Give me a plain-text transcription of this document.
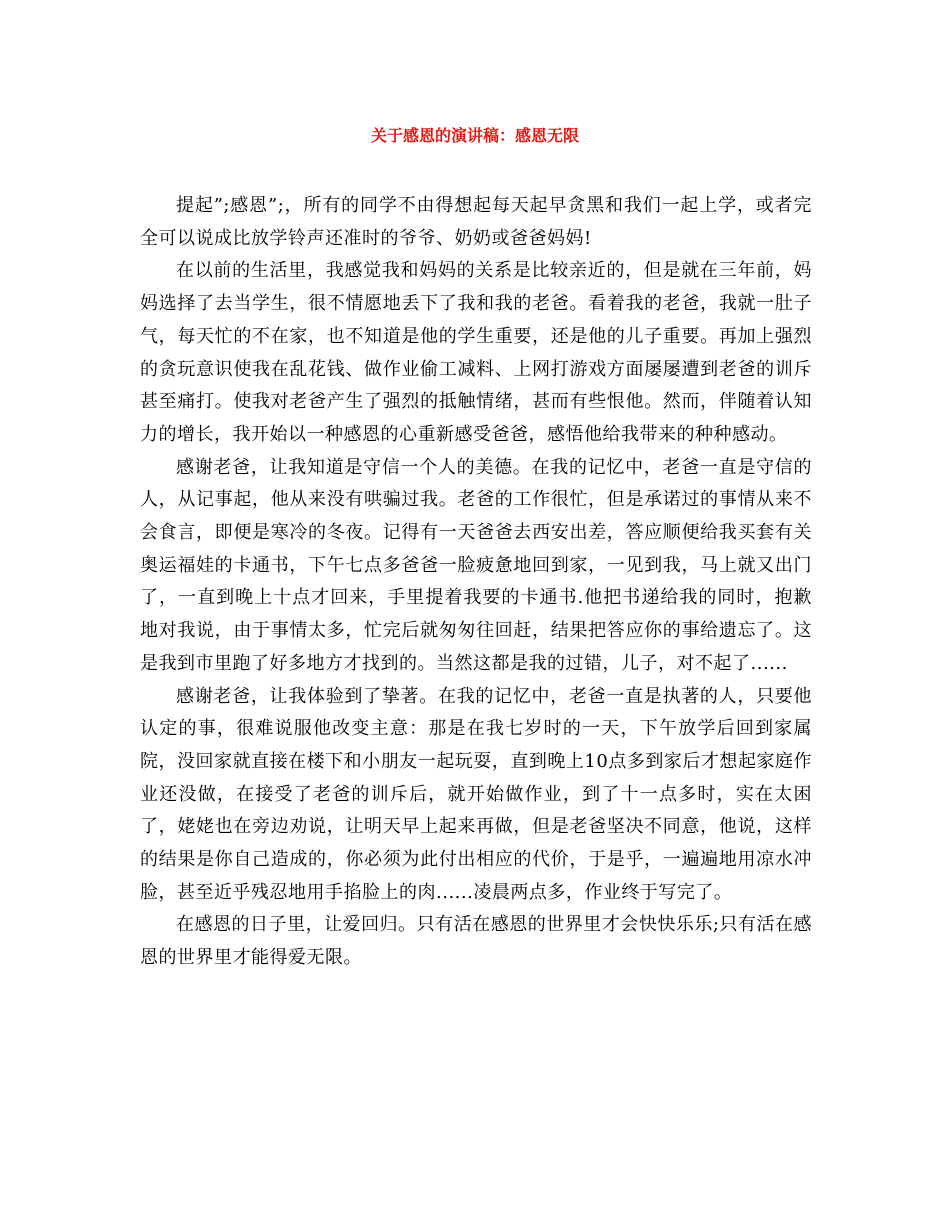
关于感恩的演讲稿：感恩无限

提起”;感恩”;，所有的同学不由得想起每天起早贪黑和我们一起上学，或者完全可以说成比放学铃声还准时的爷爷、奶奶或爸爸妈妈!

在以前的生活里，我感觉我和妈妈的关系是比较亲近的，但是就在三年前，妈妈选择了去当学生，很不情愿地丢下了我和我的老爸。看着我的老爸，我就一肚子气，每天忙的不在家，也不知道是他的学生重要，还是他的儿子重要。再加上强烈的贪玩意识使我在乱花钱、做作业偷工减料、上网打游戏方面屡屡遭到老爸的训斥甚至痛打。使我对老爸产生了强烈的抵触情绪，甚而有些恨他。然而，伴随着认知力的增长，我开始以一种感恩的心重新感受爸爸，感悟他给我带来的种种感动。

感谢老爸，让我知道是守信一个人的美德。在我的记忆中，老爸一直是守信的人，从记事起，他从来没有哄骗过我。老爸的工作很忙，但是承诺过的事情从来不会食言，即便是寒冷的冬夜。记得有一天爸爸去西安出差，答应顺便给我买套有关奥运福娃的卡通书，下午七点多爸爸一脸疲惫地回到家，一见到我，马上就又出门了，一直到晚上十点才回来，手里提着我要的卡通书.他把书递给我的同时，抱歉地对我说，由于事情太多，忙完后就匆匆往回赶，结果把答应你的事给遗忘了。这是我到市里跑了好多地方才找到的。当然这都是我的过错，儿子，对不起了......

感谢老爸，让我体验到了挚著。在我的记忆中，老爸一直是执著的人，只要他认定的事，很难说服他改变主意：那是在我七岁时的一天，下午放学后回到家属院，没回家就直接在楼下和小朋友一起玩耍，直到晚上10点多到家后才想起家庭作业还没做，在接受了老爸的训斥后，就开始做作业，到了十一点多时，实在太困了，姥姥也在旁边劝说，让明天早上起来再做，但是老爸坚决不同意，他说，这样的结果是你自己造成的，你必须为此付出相应的代价，于是乎，一遍遍地用凉水冲脸，甚至近乎残忍地用手掐脸上的肉......凌晨两点多，作业终于写完了。

在感恩的日子里，让爱回归。只有活在感恩的世界里才会快快乐乐;只有活在感恩的世界里才能得爱无限。
